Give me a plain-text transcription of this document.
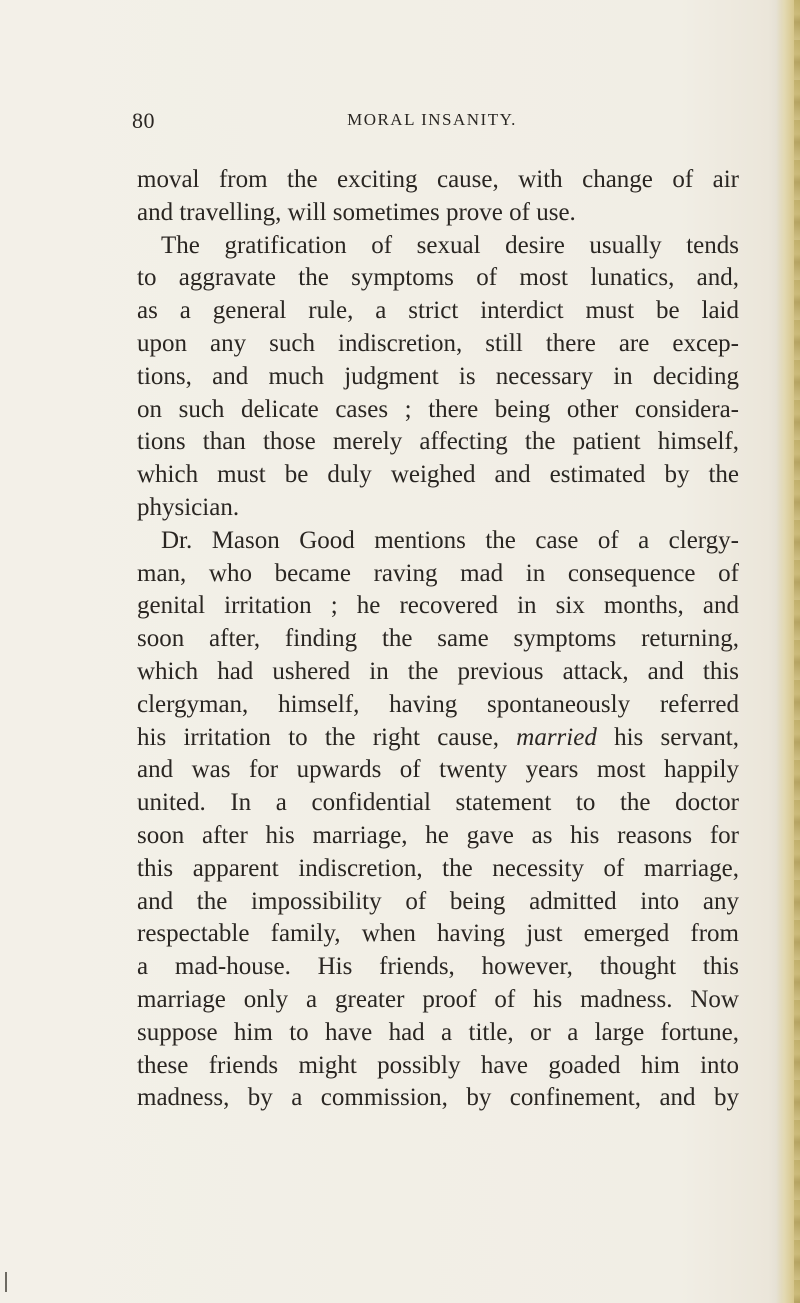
80	MORAL INSANITY.
moval from the exciting cause, with change of air
and travelling, will sometimes prove of use.
The gratification of sexual desire usually tends
to aggravate the symptoms of most lunatics, and,
as a general rule, a strict interdict must be laid
upon any such indiscretion, still there are excep-
tions, and much judgment is necessary in deciding
on such delicate cases ; there being other considera-
tions than those merely affecting the patient himself,
which must be duly weighed and estimated by the
physician.
Dr. Mason Good mentions the case of a clergy-
man, who became raving mad in consequence of
genital irritation ; he recovered in six months, and
soon after, finding the same symptoms returning,
which had ushered in the previous attack, and this
clergyman, himself, having spontaneously referred
his irritation to the right cause, married his servant,
and was for upwards of twenty years most happily
united. In a confidential statement to the doctor
soon after his marriage, he gave as his reasons for
this apparent indiscretion, the necessity of marriage,
and the impossibility of being admitted into any
respectable family, when having just emerged from
a mad-house. His friends, however, thought this
marriage only a greater proof of his madness. Now
suppose him to have had a title, or a large fortune,
these friends might possibly have goaded him into
madness, by a commission, by confinement, and by
